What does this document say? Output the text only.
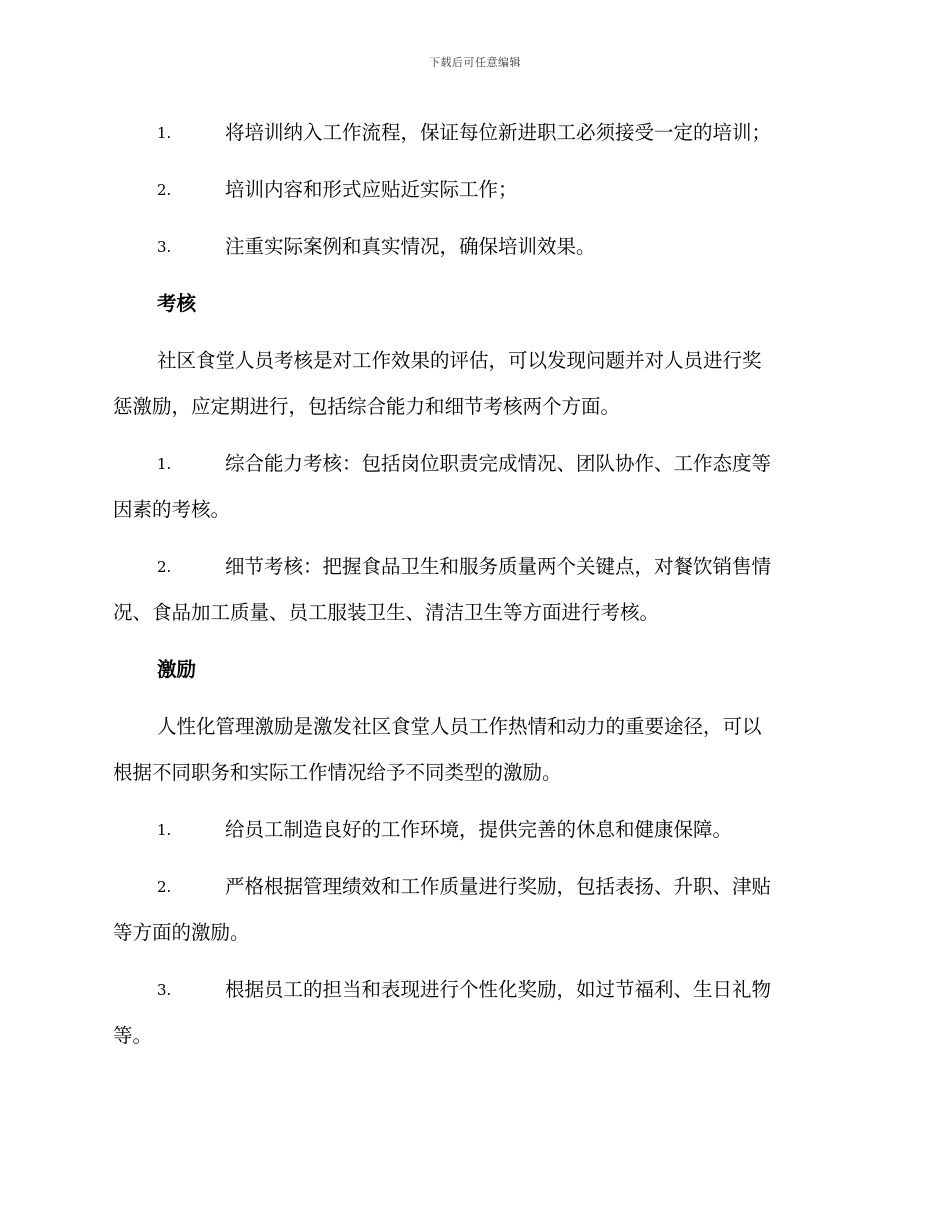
下载后可任意编辑
1.	将培训纳入工作流程，保证每位新进职工必须接受一定的培训；
2.	培训内容和形式应贴近实际工作；
3.	注重实际案例和真实情况，确保培训效果。
考核
社区食堂人员考核是对工作效果的评估，可以发现问题并对人员进行奖
惩激励，应定期进行，包括综合能力和细节考核两个方面。
1.	综合能力考核：包括岗位职责完成情况、团队协作、工作态度等
因素的考核。
2.	细节考核：把握食品卫生和服务质量两个关键点，对餐饮销售情
况、食品加工质量、员工服装卫生、清洁卫生等方面进行考核。
激励
人性化管理激励是激发社区食堂人员工作热情和动力的重要途径，可以
根据不同职务和实际工作情况给予不同类型的激励。
1.	给员工制造良好的工作环境，提供完善的休息和健康保障。
2.	严格根据管理绩效和工作质量进行奖励，包括表扬、升职、津贴
等方面的激励。
3.	根据员工的担当和表现进行个性化奖励，如过节福利、生日礼物
等。
